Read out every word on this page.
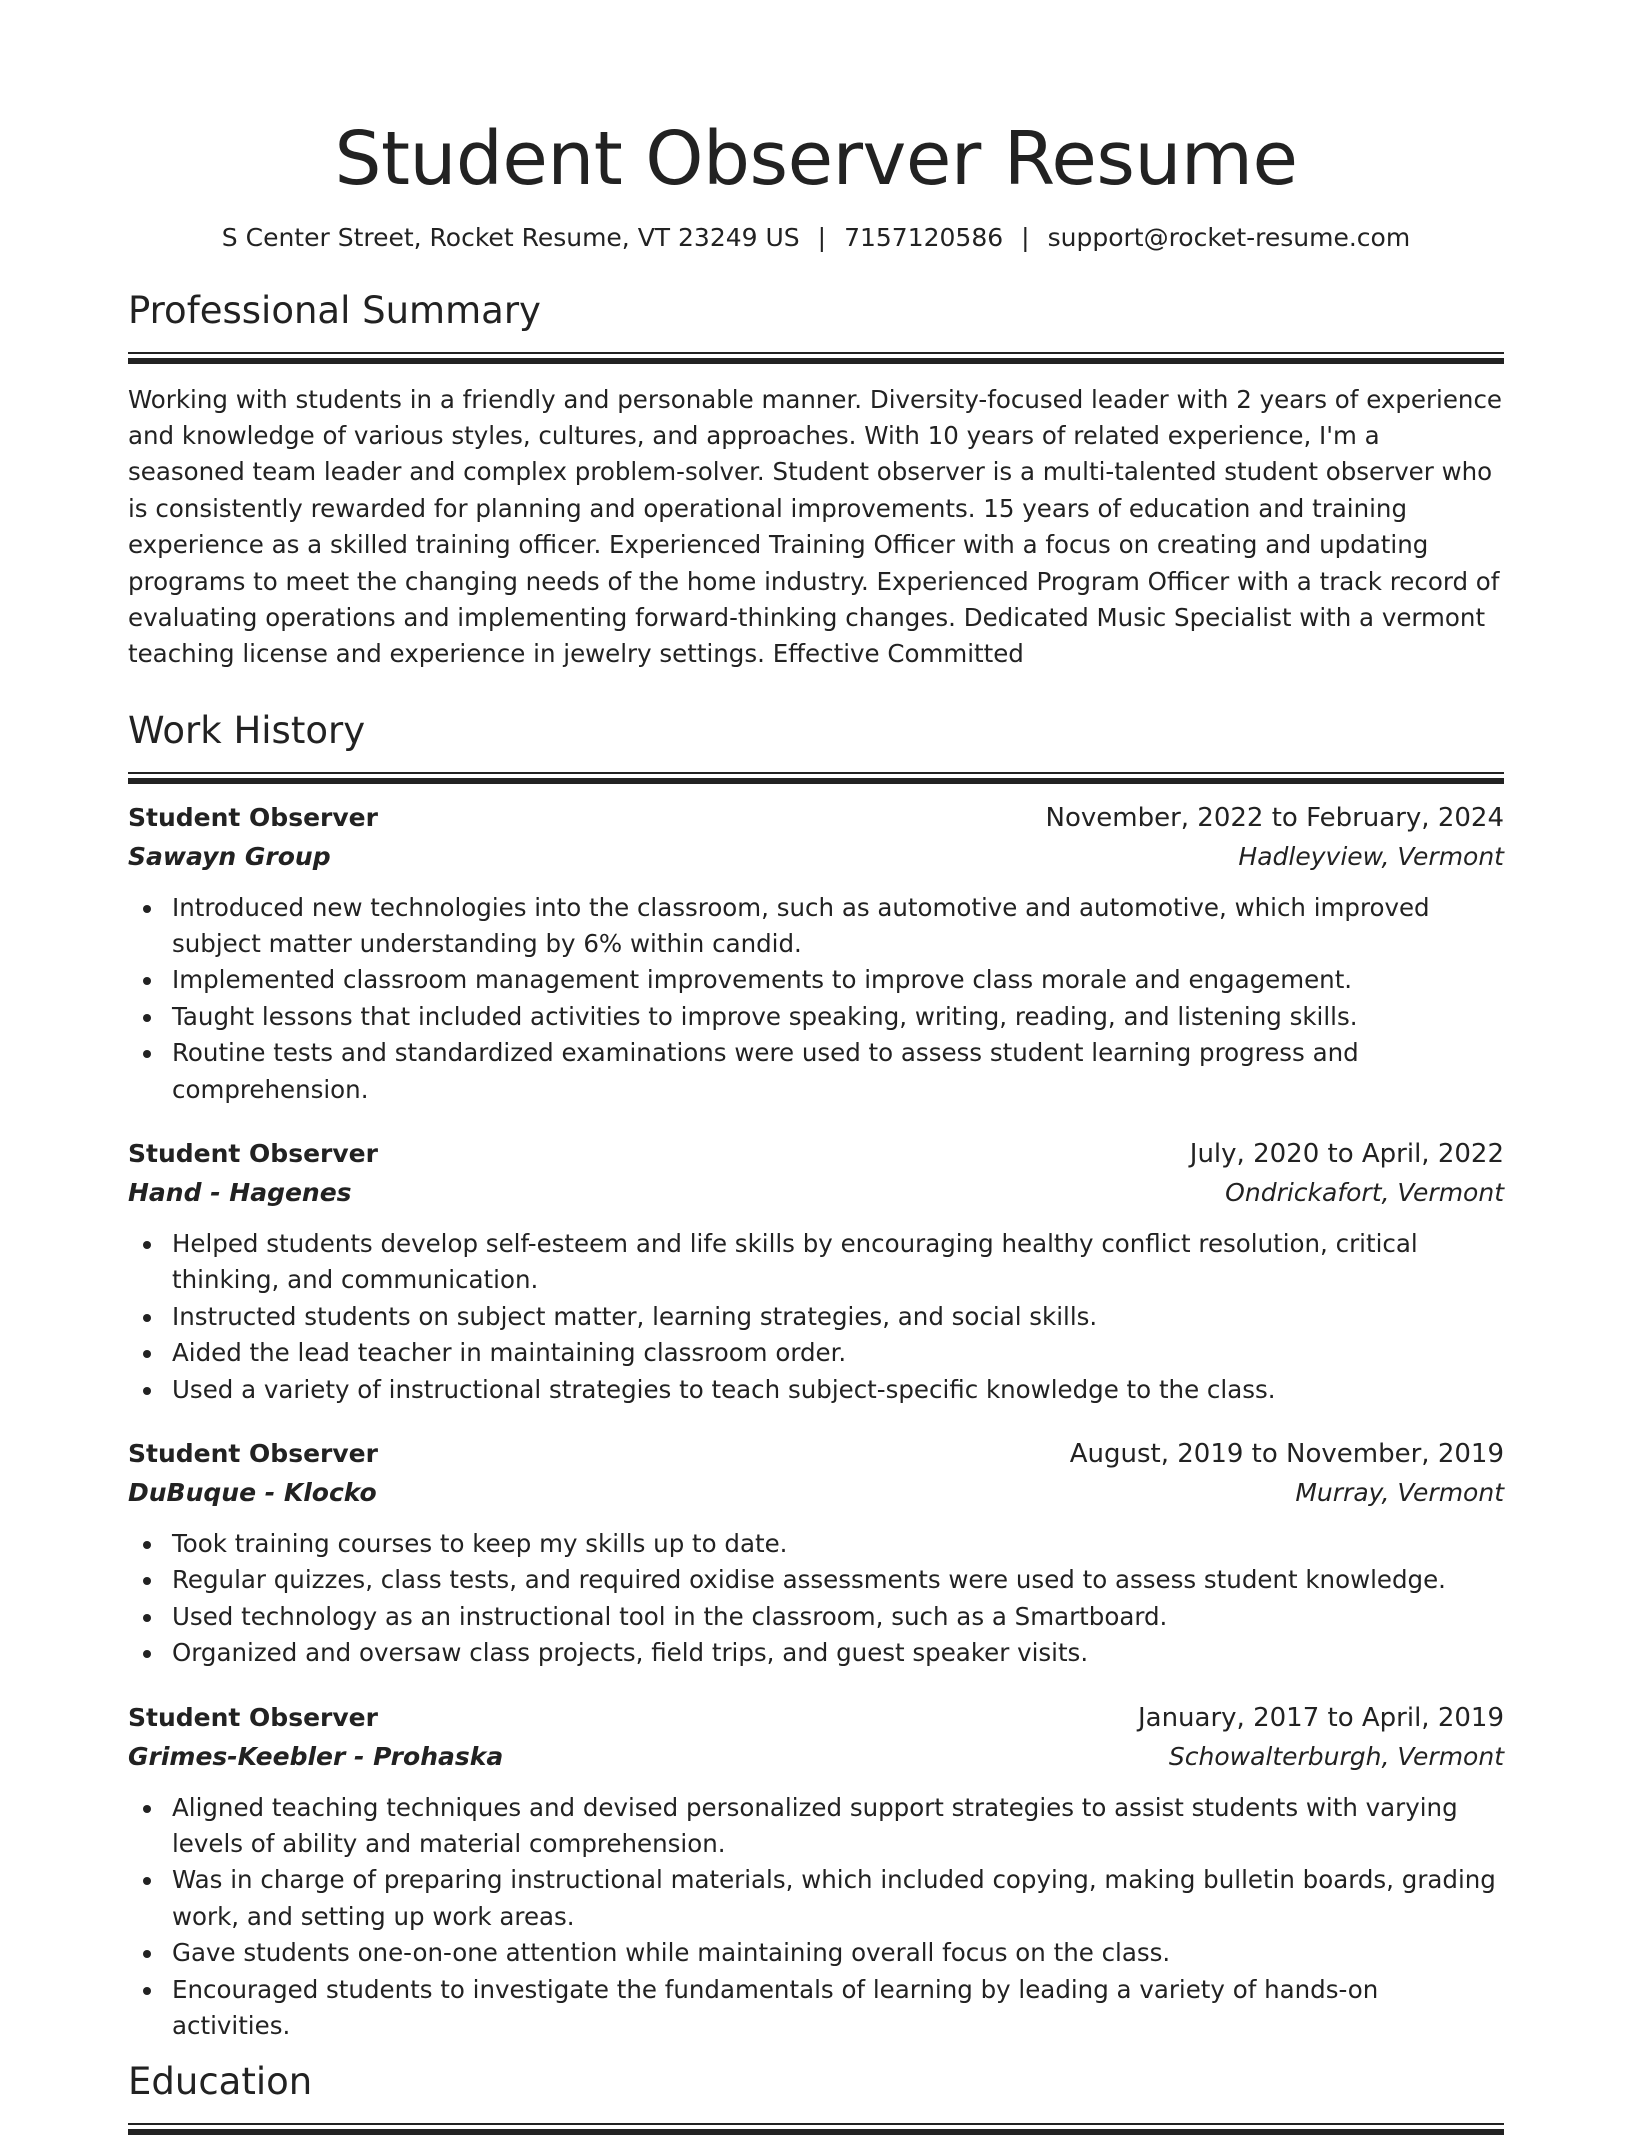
Student Observer Resume
S Center Street, Rocket Resume, VT 23249 US | 7157120586 | support@rocket-resume.com
Professional Summary

Working with students in a friendly and personable manner. Diversity-focused leader with 2 years of experience and knowledge of various styles, cultures, and approaches. With 10 years of related experience, I'm a seasoned team leader and complex problem-solver. Student observer is a multi-talented student observer who is consistently rewarded for planning and operational improvements. 15 years of education and training experience as a skilled training officer. Experienced Training Officer with a focus on creating and updating programs to meet the changing needs of the home industry. Experienced Program Officer with a track record of evaluating operations and implementing forward-thinking changes. Dedicated Music Specialist with a vermont teaching license and experience in jewelry settings. Effective Committed

Work History
Student Observer	November, 2022 to February, 2024
Sawayn Group	Hadleyview, Vermont
Introduced new technologies into the classroom, such as automotive and automotive, which improved subject matter understanding by 6% within candid.
Implemented classroom management improvements to improve class morale and engagement.
Taught lessons that included activities to improve speaking, writing, reading, and listening skills.
Routine tests and standardized examinations were used to assess student learning progress and comprehension.
Student Observer	July, 2020 to April, 2022
Hand - Hagenes	Ondrickafort, Vermont
Helped students develop self-esteem and life skills by encouraging healthy conflict resolution, critical thinking, and communication.
Instructed students on subject matter, learning strategies, and social skills.
Aided the lead teacher in maintaining classroom order.
Used a variety of instructional strategies to teach subject-specific knowledge to the class.
Student Observer	August, 2019 to November, 2019
DuBuque - Klocko	Murray, Vermont
Took training courses to keep my skills up to date.
Regular quizzes, class tests, and required oxidise assessments were used to assess student knowledge.
Used technology as an instructional tool in the classroom, such as a Smartboard.
Organized and oversaw class projects, field trips, and guest speaker visits.
Student Observer	January, 2017 to April, 2019
Grimes-Keebler - Prohaska	Schowalterburgh, Vermont
Aligned teaching techniques and devised personalized support strategies to assist students with varying levels of ability and material comprehension.
Was in charge of preparing instructional materials, which included copying, making bulletin boards, grading work, and setting up work areas.
Gave students one-on-one attention while maintaining overall focus on the class.
Encouraged students to investigate the fundamentals of learning by leading a variety of hands-on activities.
Education
